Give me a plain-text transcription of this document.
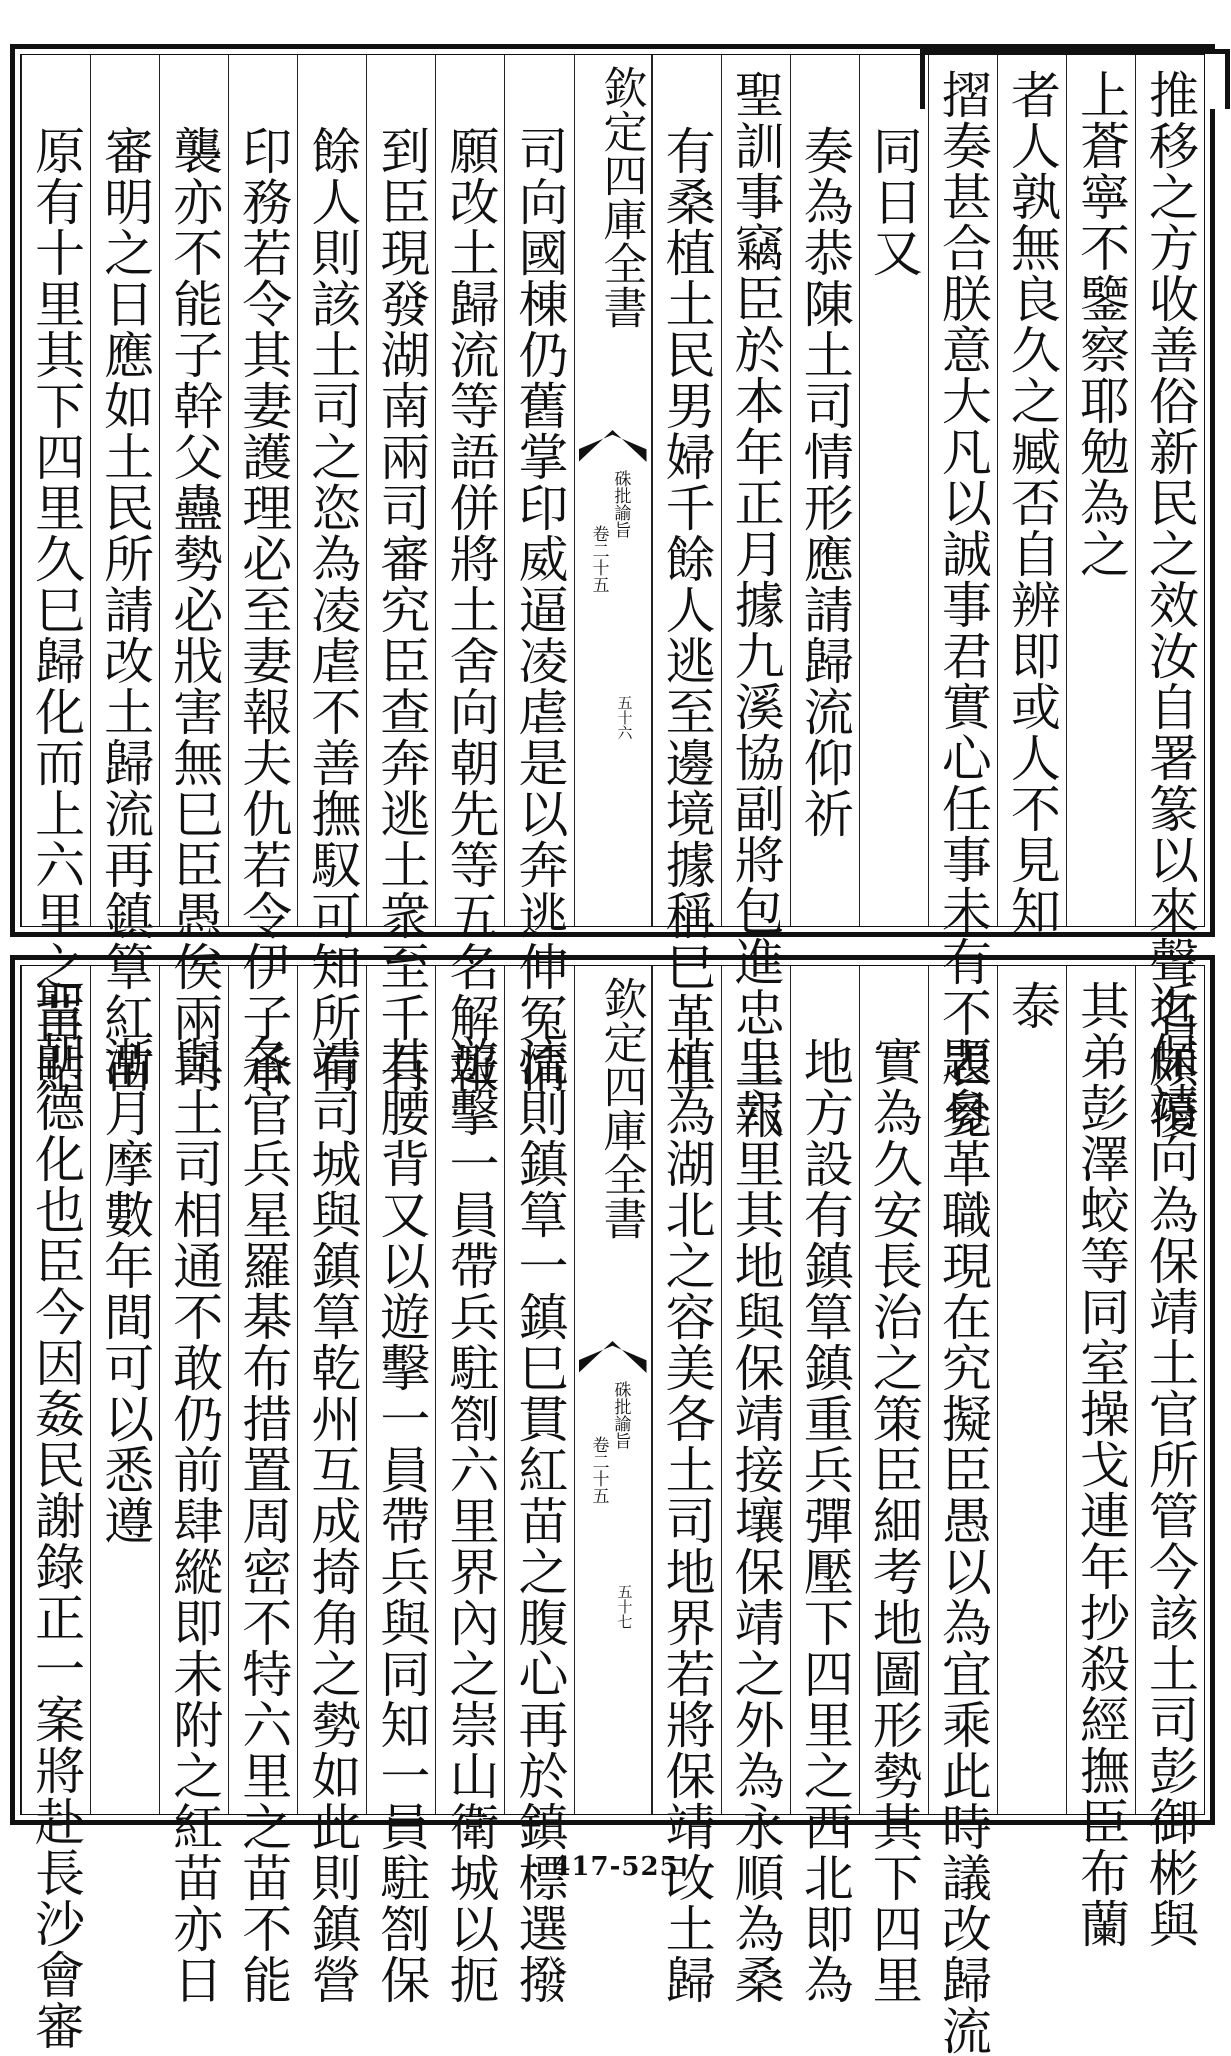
推移之方收善俗新民之效汝自署篆以來聲名頗優
上蒼寧不鑒察耶勉為之
者人孰無良久之臧否自辨即或人不見知
摺奏甚合朕意大凡以誠事君實心任事未有不表見
同日又
奏為恭陳土司情形應請歸流仰祈
聖訓事竊臣於本年正月據九溪協副將包進忠呈報
有桑植土民男婦千餘人逃至邊境據稱巳革土
司向國棟仍舊掌印威逼凌虐是以奔逃伸冤情
願改土歸流等語併將土舍向朝先等五名解報
到臣現發湖南兩司審究臣查奔逃土衆至千有
餘人則該土司之恣為凌虐不善撫馭可知所有
印務若令其妻護理必至妻報夫仇若令伊子承
襲亦不能子幹父蠱勢必戕害無巳臣愚俟兩司
審明之日應如土民所請改土歸流再鎮筸紅苗
原有十里其下四里久巳歸化而上六里之苗貼	欽定四庫全書
硃批諭旨
卷二十五
五十六
近保靖向為保靖土官所管今該土司彭御彬與
其弟彭澤蛟等同室操戈連年抄殺經撫臣布蘭
泰
題參革職現在究擬臣愚以為宜乘此時議改歸流
實為久安長治之策臣細考地圖形勢其下四里
地方設有鎮筸鎮重兵彈壓下四里之西北即為
上六里其地與保靖接壤保靖之外為永順為桑
植為湖北之容美各土司地界若將保靖改土歸
流則鎮筸一鎮巳貫紅苗之腹心再於鎮標選撥
遊擊一員帶兵駐劄六里界內之崇山衛城以扼
其腰背又以遊擊一員帶兵與同知一員駐劄保
靖司城與鎮筸乾州互成掎角之勢如此則鎮營
各官兵星羅棊布措置周密不特六里之苗不能
與土司相通不敢仍前肆縱即未附之紅苗亦日
漸月摩數年間可以悉遵
聖朝德化也臣今因姦民謝錄正一案將赴長沙會審	欽定四庫全書
硃批諭旨
卷二十五
五十七
417-525
